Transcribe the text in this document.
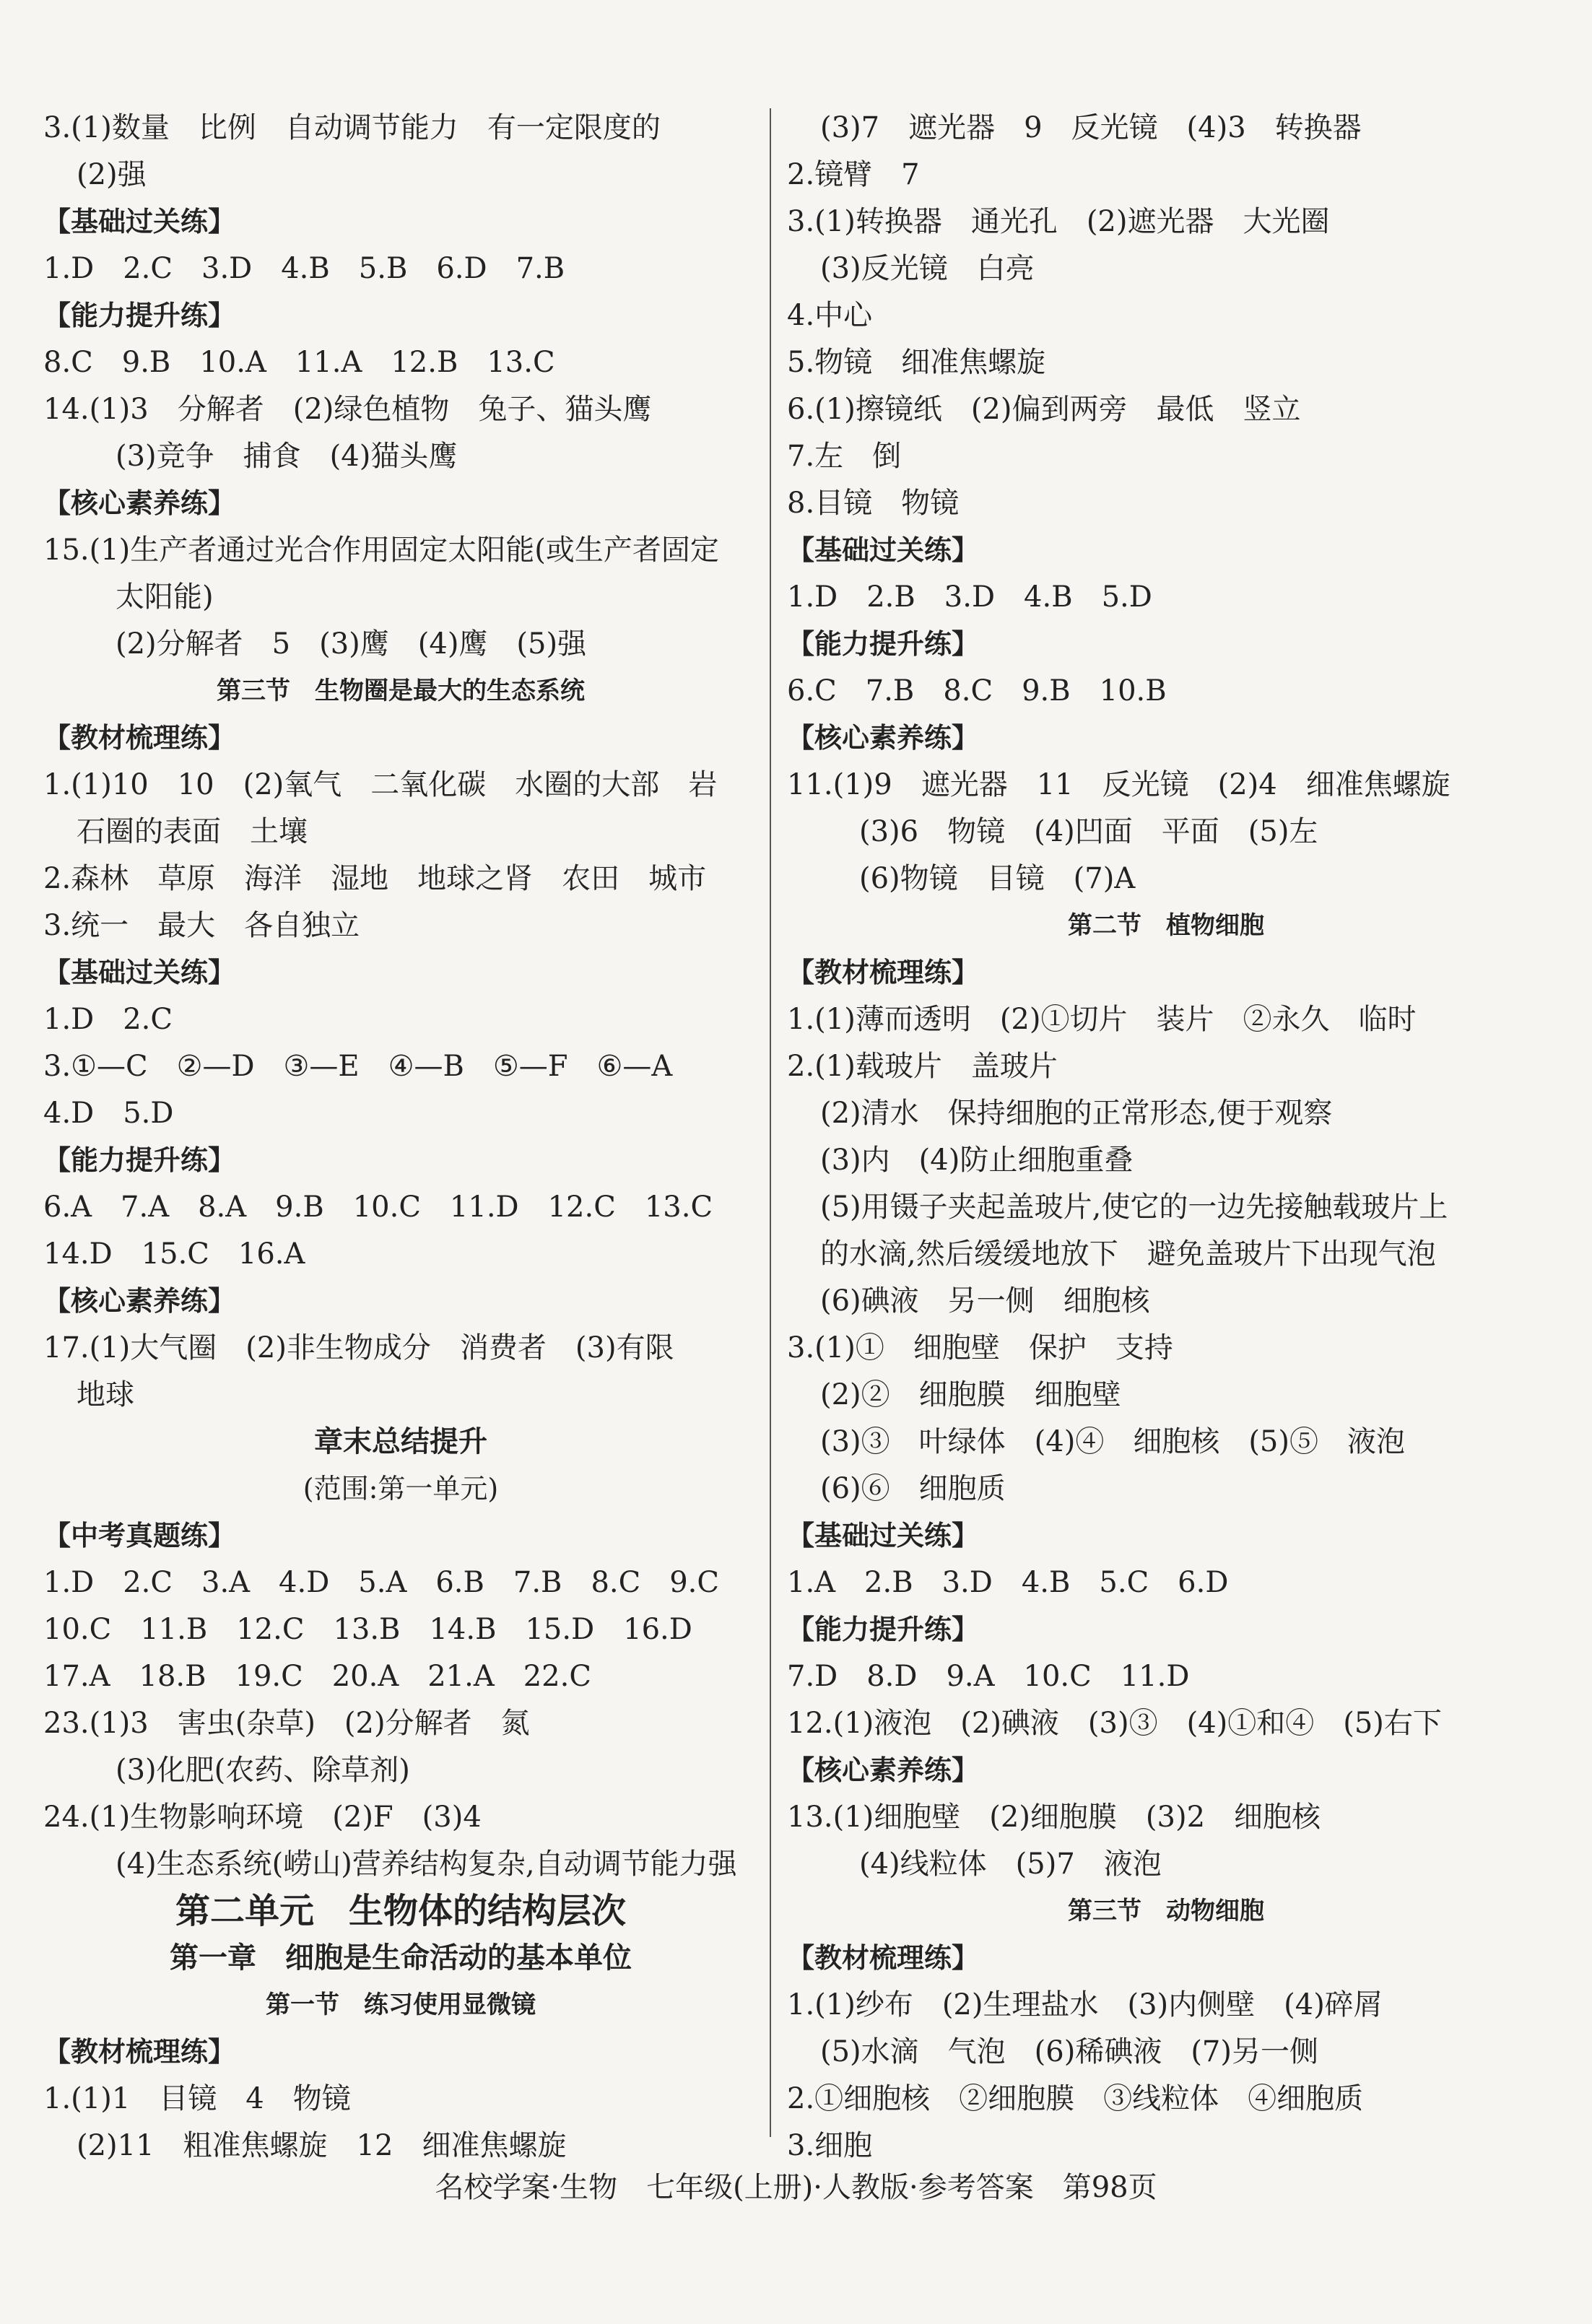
3.(1)数量　比例　自动调节能力　有一定限度的
(2)强
【基础过关练】
1.D　2.C　3.D　4.B　5.B　6.D　7.B
【能力提升练】
8.C　9.B　10.A　11.A　12.B　13.C
14.(1)3　分解者　(2)绿色植物　兔子、猫头鹰
(3)竞争　捕食　(4)猫头鹰
【核心素养练】
15.(1)生产者通过光合作用固定太阳能(或生产者固定
太阳能)
(2)分解者　5　(3)鹰　(4)鹰　(5)强
第三节　生物圈是最大的生态系统
【教材梳理练】
1.(1)10　10　(2)氧气　二氧化碳　水圈的大部　岩
石圈的表面　土壤
2.森林　草原　海洋　湿地　地球之肾　农田　城市
3.统一　最大　各自独立
【基础过关练】
1.D　2.C
3.①—C　②—D　③—E　④—B　⑤—F　⑥—A
4.D　5.D
【能力提升练】
6.A　7.A　8.A　9.B　10.C　11.D　12.C　13.C
14.D　15.C　16.A
【核心素养练】
17.(1)大气圈　(2)非生物成分　消费者　(3)有限
地球
章末总结提升
(范围:第一单元)
【中考真题练】
1.D　2.C　3.A　4.D　5.A　6.B　7.B　8.C　9.C
10.C　11.B　12.C　13.B　14.B　15.D　16.D
17.A　18.B　19.C　20.A　21.A　22.C
23.(1)3　害虫(杂草)　(2)分解者　氮
(3)化肥(农药、除草剂)
24.(1)生物影响环境　(2)F　(3)4
(4)生态系统(崂山)营养结构复杂,自动调节能力强
第二单元　生物体的结构层次
第一章　细胞是生命活动的基本单位
第一节　练习使用显微镜
【教材梳理练】
1.(1)1　目镜　4　物镜
(2)11　粗准焦螺旋　12　细准焦螺旋
(3)7　遮光器　9　反光镜　(4)3　转换器
2.镜臂　7
3.(1)转换器　通光孔　(2)遮光器　大光圈
(3)反光镜　白亮
4.中心
5.物镜　细准焦螺旋
6.(1)擦镜纸　(2)偏到两旁　最低　竖立
7.左　倒
8.目镜　物镜
【基础过关练】
1.D　2.B　3.D　4.B　5.D
【能力提升练】
6.C　7.B　8.C　9.B　10.B
【核心素养练】
11.(1)9　遮光器　11　反光镜　(2)4　细准焦螺旋
(3)6　物镜　(4)凹面　平面　(5)左
(6)物镜　目镜　(7)A
第二节　植物细胞
【教材梳理练】
1.(1)薄而透明　(2)①切片　装片　②永久　临时
2.(1)载玻片　盖玻片
(2)清水　保持细胞的正常形态,便于观察
(3)内　(4)防止细胞重叠
(5)用镊子夹起盖玻片,使它的一边先接触载玻片上
的水滴,然后缓缓地放下　避免盖玻片下出现气泡
(6)碘液　另一侧　细胞核
3.(1)①　细胞壁　保护　支持
(2)②　细胞膜　细胞壁
(3)③　叶绿体　(4)④　细胞核　(5)⑤　液泡
(6)⑥　细胞质
【基础过关练】
1.A　2.B　3.D　4.B　5.C　6.D
【能力提升练】
7.D　8.D　9.A　10.C　11.D
12.(1)液泡　(2)碘液　(3)③　(4)①和④　(5)右下
【核心素养练】
13.(1)细胞壁　(2)细胞膜　(3)2　细胞核
(4)线粒体　(5)7　液泡
第三节　动物细胞
【教材梳理练】
1.(1)纱布　(2)生理盐水　(3)内侧壁　(4)碎屑
(5)水滴　气泡　(6)稀碘液　(7)另一侧
2.①细胞核　②细胞膜　③线粒体　④细胞质
3.细胞
名校学案·生物　七年级(上册)·人教版·参考答案　第98页
